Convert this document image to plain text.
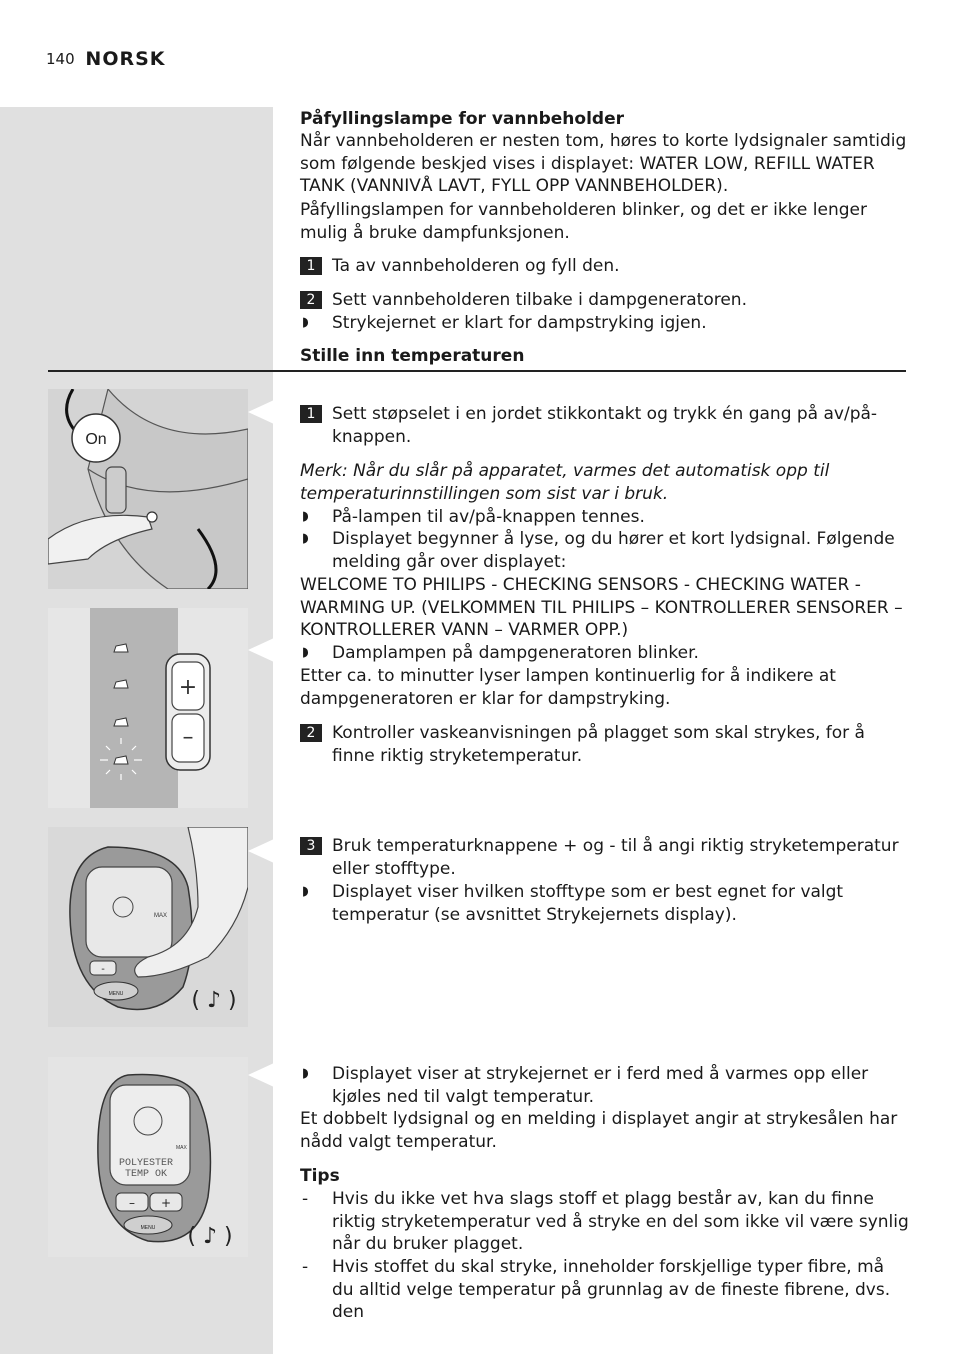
140 NORSK
On
+
–
MAX
-
MENU	( ♪ )
MAX
POLYESTER
TEMP OK
– +
MENU ( ♪ )
Påfyllingslampe for vannbeholder
Når vannbeholderen er nesten tom, høres to korte lydsignaler samtidig som følgende beskjed vises i displayet: WATER LOW, REFILL WATER TANK (VANNIVÅ LAVT, FYLL OPP VANNBEHOLDER).
Påfyllingslampen for vannbeholderen blinker, og det er ikke lenger mulig å bruke dampfunksjonen.
1 Ta av vannbeholderen og fyll den.
2 Sett vannbeholderen tilbake i dampgeneratoren.
◗ Strykejernet er klart for dampstryking igjen.
Stille inn temperaturen
1 Sett støpselet i en jordet stikkontakt og trykk én gang på av/på-knappen.
Merk: Når du slår på apparatet, varmes det automatisk opp til temperaturinnstillingen som sist var i bruk.
◗ På-lampen til av/på-knappen tennes.
◗ Displayet begynner å lyse, og du hører et kort lydsignal. Følgende melding går over displayet:
WELCOME TO PHILIPS - CHECKING SENSORS - CHECKING WATER - WARMING UP. (VELKOMMEN TIL PHILIPS – KONTROLLERER SENSORER – KONTROLLERER VANN – VARMER OPP.)
◗ Damplampen på dampgeneratoren blinker.
Etter ca. to minutter lyser lampen kontinuerlig for å indikere at dampgeneratoren er klar for dampstryking.
2 Kontroller vaskeanvisningen på plagget som skal strykes, for å finne riktig stryketemperatur.
3 Bruk temperaturknappene + og - til å angi riktig stryketemperatur eller stofftype.
◗ Displayet viser hvilken stofftype som er best egnet for valgt temperatur (se avsnittet Strykejernets display).
◗ Displayet viser at strykejernet er i ferd med å varmes opp eller kjøles ned til valgt temperatur.
Et dobbelt lydsignal og en melding i displayet angir at strykesålen har nådd valgt temperatur.
Tips
- Hvis du ikke vet hva slags stoff et plagg består av, kan du finne riktig stryketemperatur ved å stryke en del som ikke vil være synlig når du bruker plagget.
- Hvis stoffet du skal stryke, inneholder forskjellige typer fibre, må du alltid velge temperatur på grunnlag av de fineste fibrene, dvs. den
